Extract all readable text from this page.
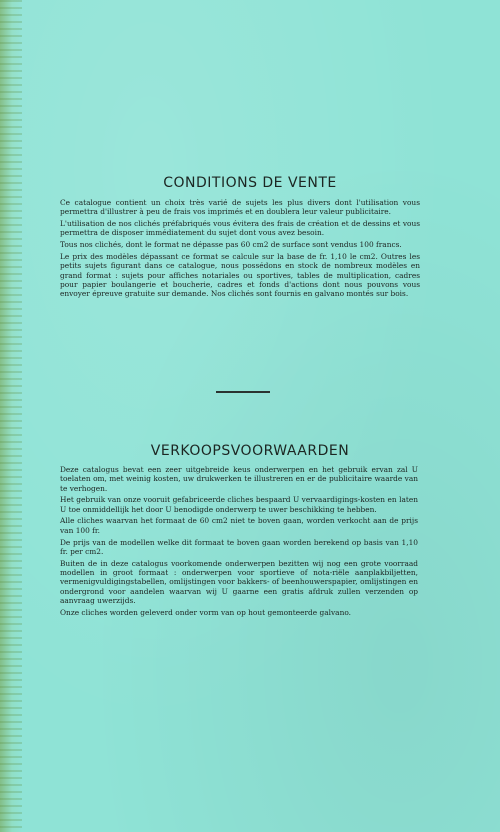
CONDITIONS DE VENTE

Ce catalogue contient un choix très varié de sujets les plus divers dont l'utilisation vous permettra d'illustrer à peu de frais vos imprimés et en doublera leur valeur publicitaire.

L'utilisation de nos clichés préfabriqués vous évitera des frais de création et de dessins et vous permettra de disposer immédiatement du sujet dont vous avez besoin.

Tous nos clichés, dont le format ne dépasse pas 60 cm2 de surface sont vendus 100 francs.

Le prix des modèles dépassant ce format se calcule sur la base de fr. 1,10 le cm2. Outres les petits sujets figurant dans ce catalogue, nous possédons en stock de nombreux modèles en grand format : sujets pour affiches notariales ou sportives, tables de multiplication, cadres pour papier boulangerie et boucherie, cadres et fonds d'actions dont nous pouvons vous envoyer épreuve gratuite sur demande. Nos clichés sont fournis en galvano montés sur bois.

VERKOOPSVOORWAARDEN

Deze catalogus bevat een zeer uitgebreide keus onderwerpen en het gebruik ervan zal U toelaten om, met weinig kosten, uw drukwerken te illustreren en er de publicitaire waarde van te verhogen.

Het gebruik van onze vooruit gefabriceerde cliches bespaard U vervaardigings-kosten en laten U toe onmiddellijk het door U benodigde onderwerp te uwer beschikking te hebben.

Alle cliches waarvan het formaat de 60 cm2 niet te boven gaan, worden verkocht aan de prijs van 100 fr.

De prijs van de modellen welke dit formaat te boven gaan worden berekend op basis van 1,10 fr. per cm2.

Buiten de in deze catalogus voorkomende onderwerpen bezitten wij nog een grote voorraad modellen in groot formaat : onderwerpen voor sportieve of nota-riële aanplakbiljetten, vermenigvuldigingstabellen, omlijstingen voor bakkers- of beenhouwerspapier, omlijstingen en ondergrond voor aandelen waarvan wij U gaarne een gratis afdruk zullen verzenden op aanvraag uwerzijds.

Onze cliches worden geleverd onder vorm van op hout gemonteerde galvano.
